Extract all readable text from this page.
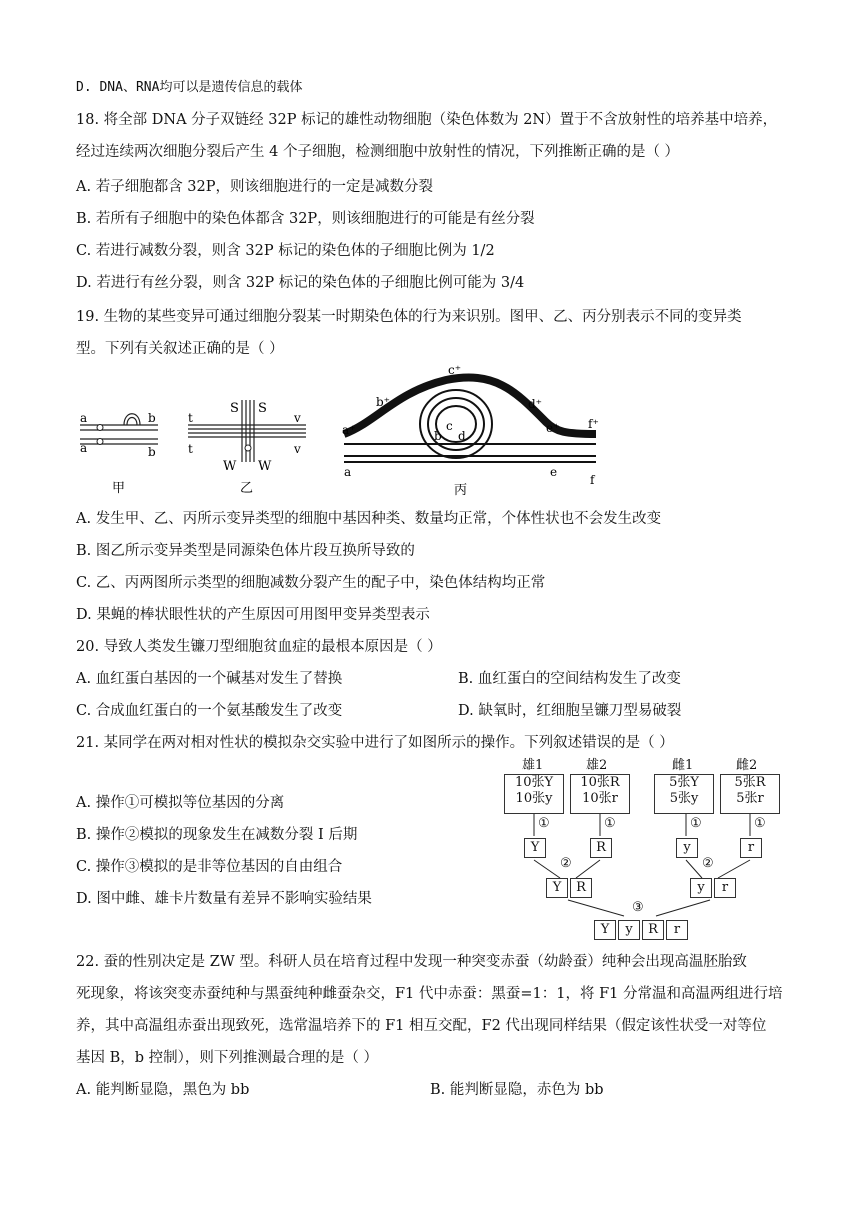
D. DNA、RNA均可以是遗传信息的载体
18. 将全部 DNA 分子双链经 32P 标记的雄性动物细胞（染色体数为 2N）置于不含放射性的培养基中培养，
经过连续两次细胞分裂后产生 4 个子细胞，检测细胞中放射性的情况，下列推断正确的是（ ）
A. 若子细胞都含 32P，则该细胞进行的一定是减数分裂
B. 若所有子细胞中的染色体都含 32P，则该细胞进行的可能是有丝分裂
C. 若进行减数分裂，则含 32P 标记的染色体的子细胞比例为 1/2
D. 若进行有丝分裂，则含 32P 标记的染色体的子细胞比例可能为 3/4
19. 生物的某些变异可通过细胞分裂某一时期染色体的行为来识别。图甲、乙、丙分别表示不同的变异类
型。下列有关叙述正确的是（ ）
a
a
b
b
t
t
v
v
S S
W W
a⁺
b⁺
c⁺
d⁺
e⁺ f⁺
b
c
d
a	e
f
甲	乙	丙
A. 发生甲、乙、丙所示变异类型的细胞中基因种类、数量均正常，个体性状也不会发生改变
B. 图乙所示变异类型是同源染色体片段互换所导致的
C. 乙、丙两图所示类型的细胞减数分裂产生的配子中，染色体结构均正常
D. 果蝇的棒状眼性状的产生原因可用图甲变异类型表示
20. 导致人类发生镰刀型细胞贫血症的最根本原因是（ ）
A. 血红蛋白基因的一个碱基对发生了替换	B. 血红蛋白的空间结构发生了改变
C. 合成血红蛋白的一个氨基酸发生了改变	D. 缺氧时，红细胞呈镰刀型易破裂
21. 某同学在两对相对性状的模拟杂交实验中进行了如图所示的操作。下列叙述错误的是（ ）
A. 操作①可模拟等位基因的分离
B. 操作②模拟的现象发生在减数分裂 I 后期
C. 操作③模拟的是非等位基因的自由组合
D. 图中雌、雄卡片数量有差异不影响实验结果
雄1	雄2	雌1	雌2
10张Y
10张y
10张R
10张r
5张Y
5张y
5张R
5张r
①	①	①	①
Y	R	y	r
②	②
Y	R	y	r
③
Y	y	R	r
22. 蚕的性别决定是 ZW 型。科研人员在培育过程中发现一种突变赤蚕（幼龄蚕）纯种会出现高温胚胎致
死现象，将该突变赤蚕纯种与黑蚕纯种雌蚕杂交，F1 代中赤蚕：黑蚕=1：1，将 F1 分常温和高温两组进行培
养，其中高温组赤蚕出现致死，选常温培养下的 F1 相互交配，F2 代出现同样结果（假定该性状受一对等位
基因 B，b 控制），则下列推测最合理的是（ ）
A. 能判断显隐，黑色为 bb	B. 能判断显隐，赤色为 bb
